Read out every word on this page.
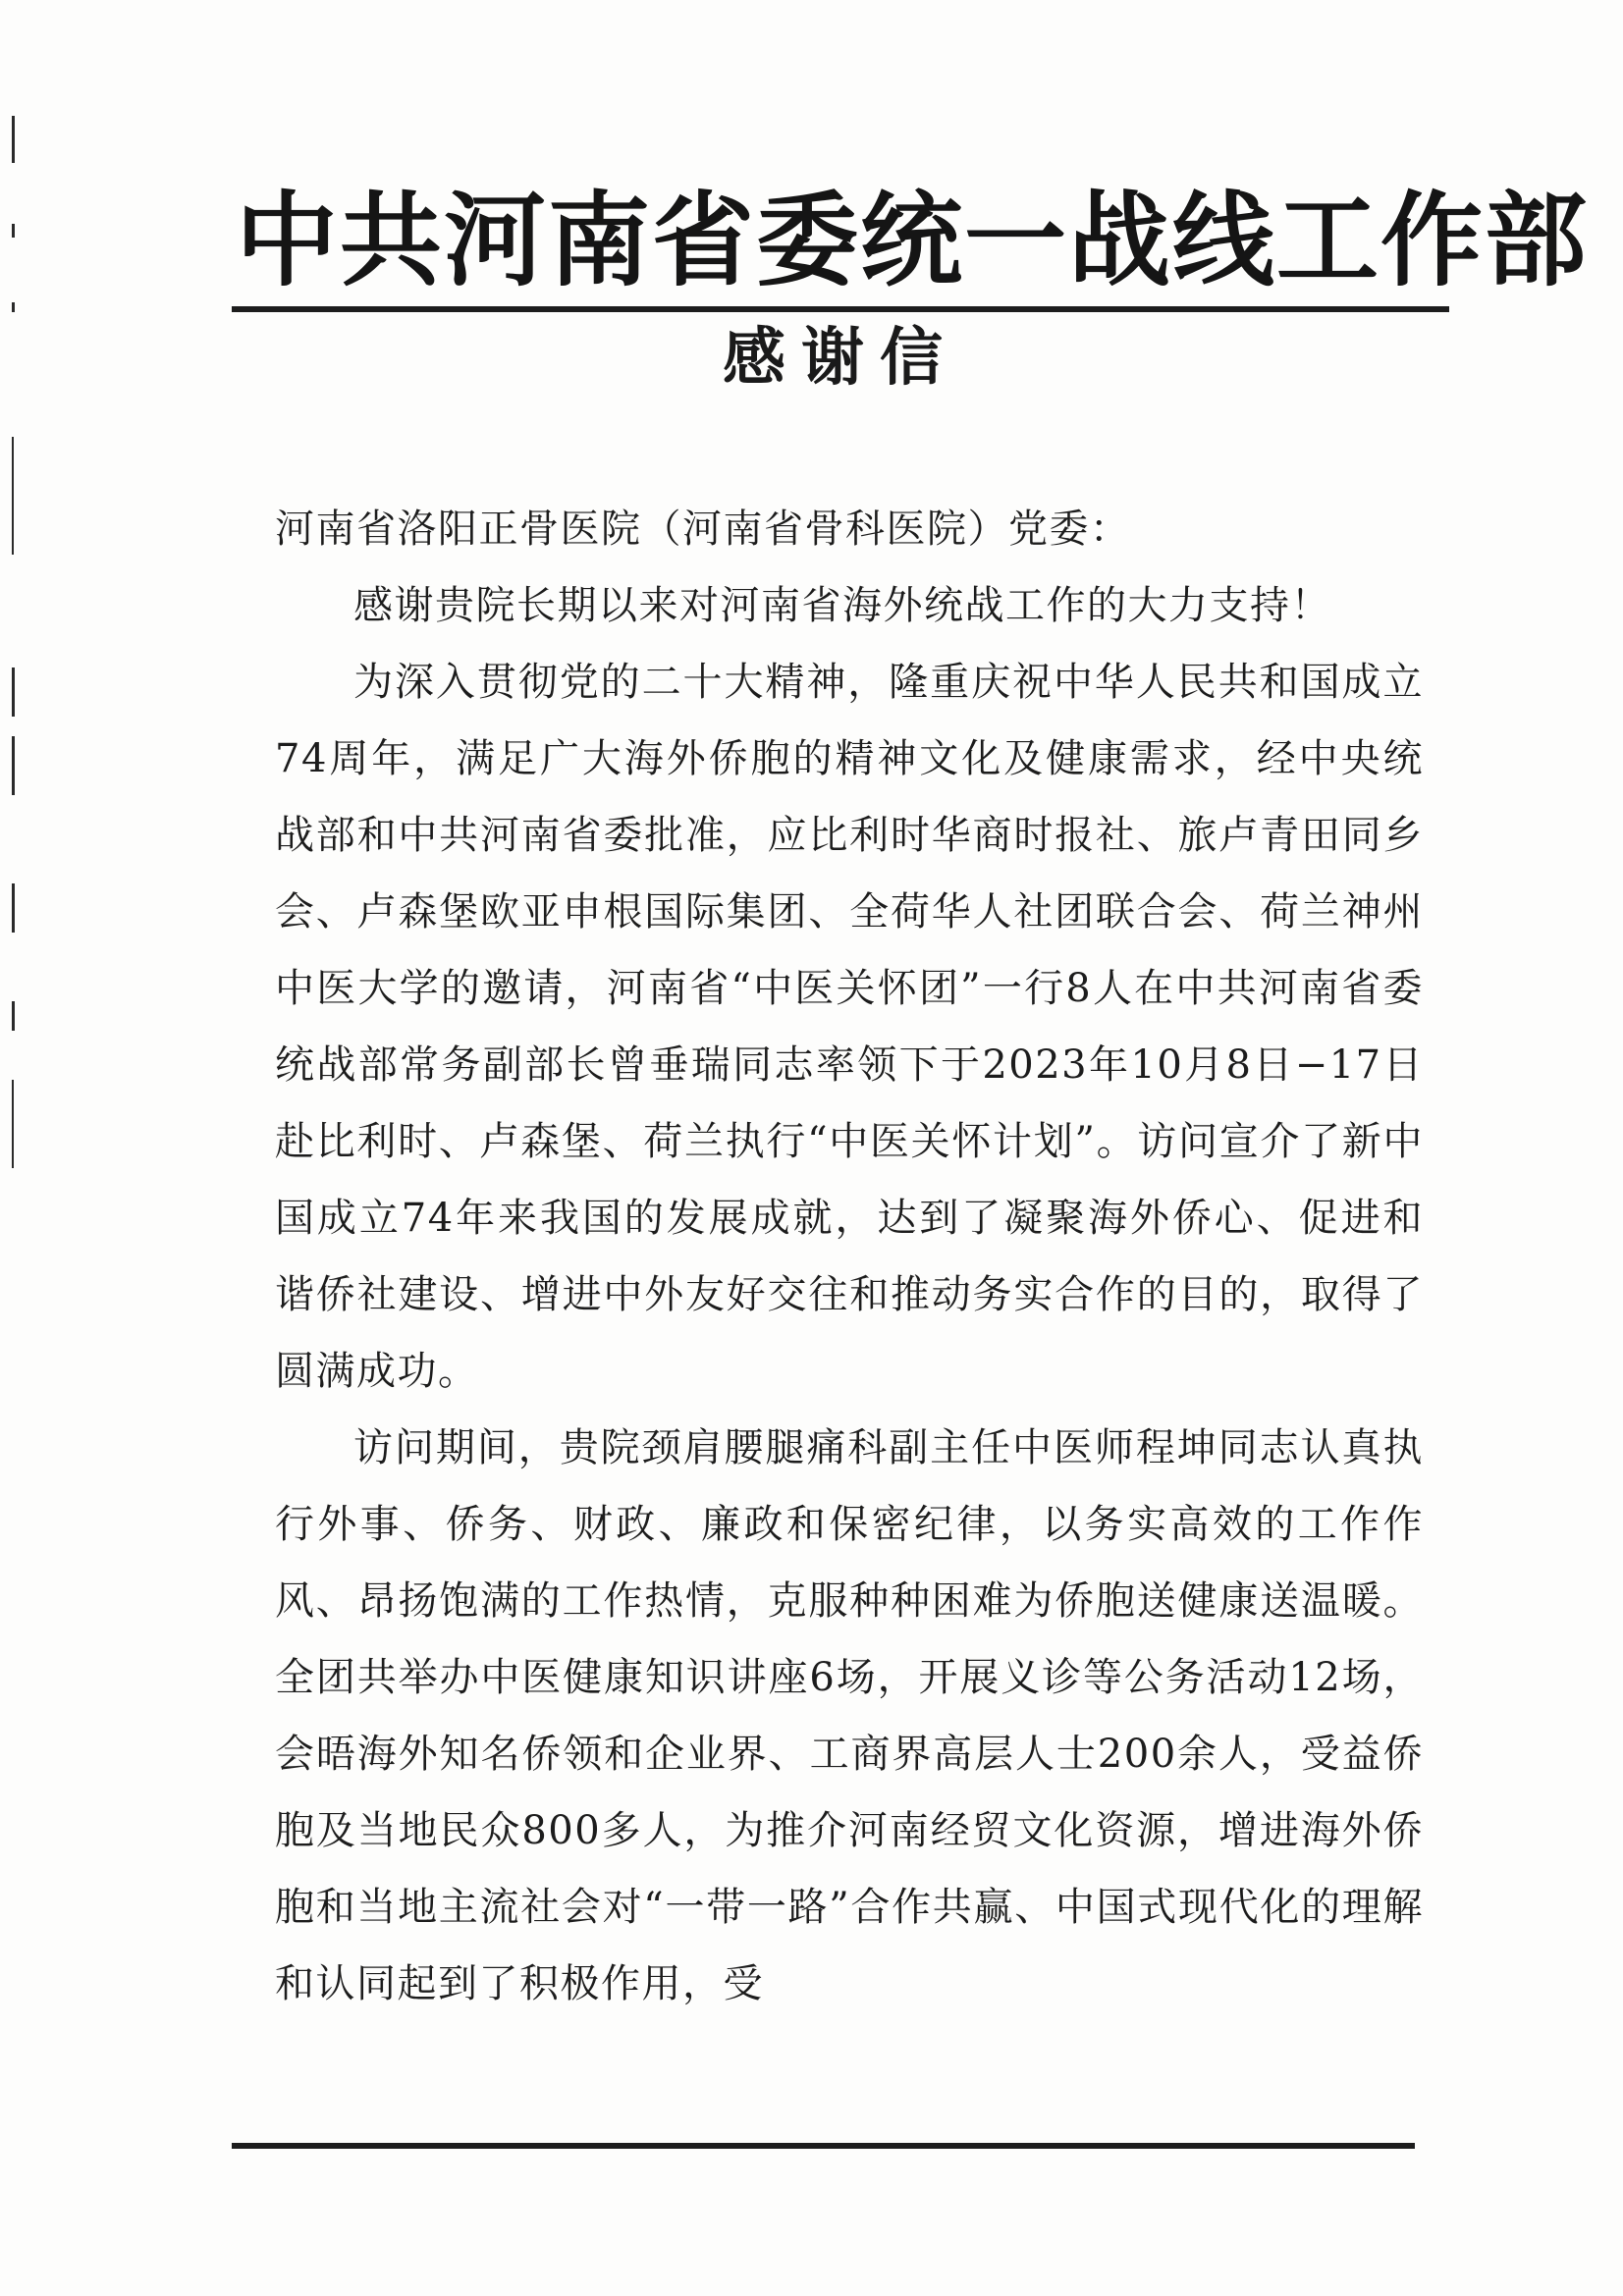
中共河南省委统一战线工作部
感谢信

河南省洛阳正骨医院（河南省骨科医院）党委：

感谢贵院长期以来对河南省海外统战工作的大力支持！

为深入贯彻党的二十大精神，隆重庆祝中华人民共和国成立74周年，满足广大海外侨胞的精神文化及健康需求，经中央统战部和中共河南省委批准，应比利时华商时报社、旅卢青田同乡会、卢森堡欧亚申根国际集团、全荷华人社团联合会、荷兰神州中医大学的邀请，河南省“中医关怀团”一行8人在中共河南省委统战部常务副部长曾垂瑞同志率领下于2023年10月8日−17日赴比利时、卢森堡、荷兰执行“中医关怀计划”。访问宣介了新中国成立74年来我国的发展成就，达到了凝聚海外侨心、促进和谐侨社建设、增进中外友好交往和推动务实合作的目的，取得了圆满成功。

访问期间，贵院颈肩腰腿痛科副主任中医师程坤同志认真执行外事、侨务、财政、廉政和保密纪律，以务实高效的工作作风、昂扬饱满的工作热情，克服种种困难为侨胞送健康送温暖。全团共举办中医健康知识讲座6场，开展义诊等公务活动12场，会晤海外知名侨领和企业界、工商界高层人士200余人，受益侨胞及当地民众800多人，为推介河南经贸文化资源，增进海外侨胞和当地主流社会对“一带一路”合作共赢、中国式现代化的理解和认同起到了积极作用，受
